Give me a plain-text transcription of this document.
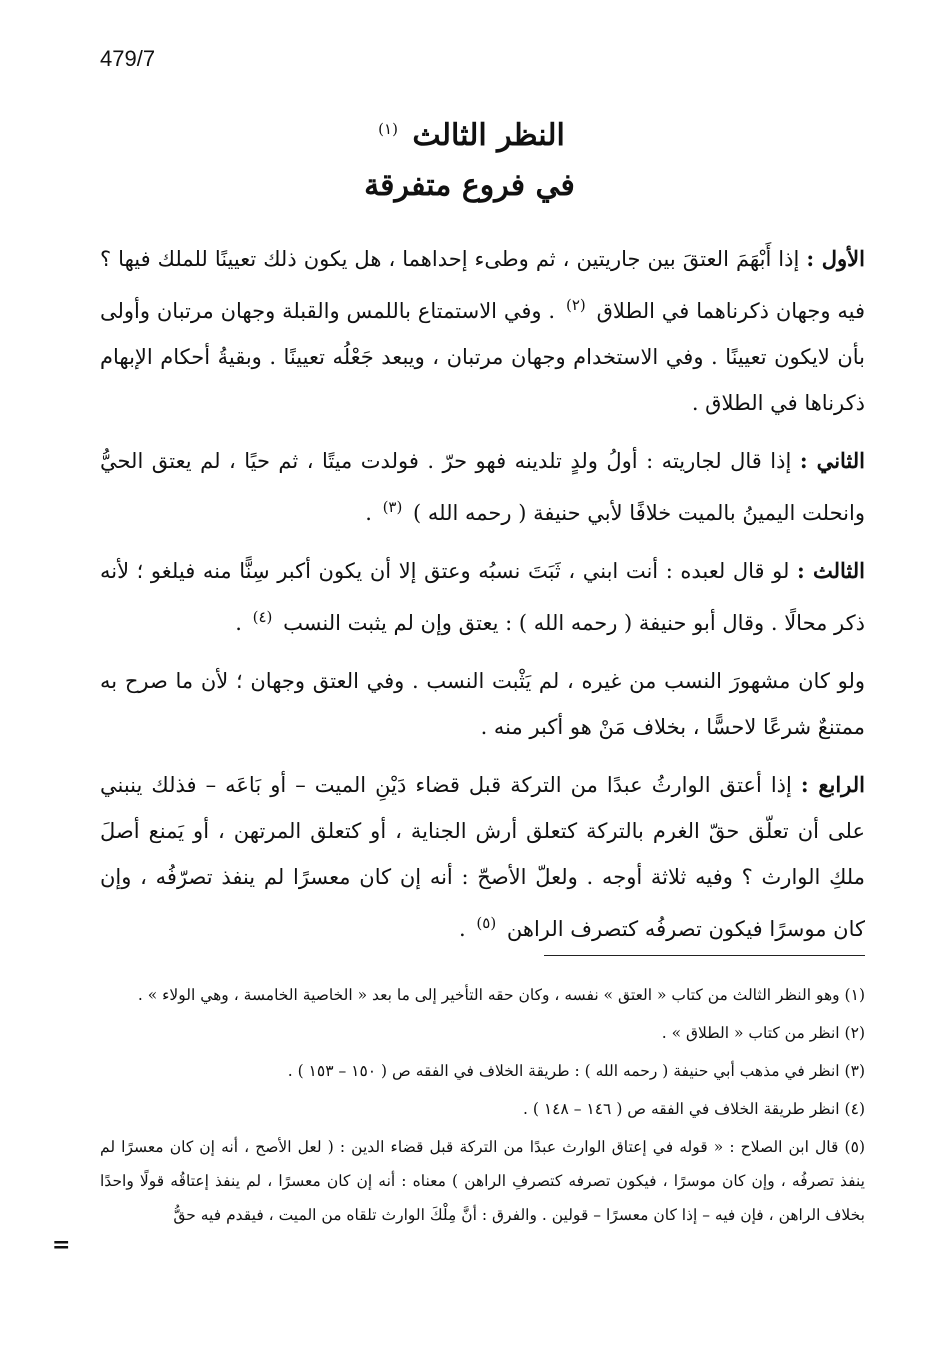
479/7
النظر الثالث $^{(١)}$
في فروع متفرقة

الأول : إذا أَبْهَمَ العتقَ بين جاريتين ، ثم وطىء إحداهما ، هل يكون ذلك تعيينًا للملك فيها ؟ فيه وجهان ذكرناهما في الطلاق $^{(٢)}$ . وفي الاستمتاع باللمس والقبلة وجهان مرتبان وأولى بأن لايكون تعيينًا . وفي الاستخدام وجهان مرتبان ، ويبعد جَعْلُه تعيينًا . وبقيةُ أحكام الإبهام ذكرناها في الطلاق .

الثاني : إذا قال لجاريته : أولُ ولدٍ تلدينه فهو حرّ . فولدت ميتًا ، ثم حيًا ، لم يعتق الحيُّ وانحلت اليمينُ بالميت خلافًا لأبي حنيفة ( رحمه الله ) $^{(٣)}$ .

الثالث : لو قال لعبده : أنت ابني ، ثَبَتَ نسبُه وعتق إلا أن يكون أكبر سِنًّا منه فيلغو ؛ لأنه ذكر محالًا . وقال أبو حنيفة ( رحمه الله ) : يعتق وإن لم يثبت النسب $^{(٤)}$ .

ولو كان مشهورَ النسب من غيره ، لم يَثْبت النسب . وفي العتق وجهان ؛ لأن ما صرح به ممتنعٌ شرعًا لاحسًّا ، بخلاف مَنْ هو أكبر منه .

الرابع : إذا أعتق الوارثُ عبدًا من التركة قبل قضاء دَيْنِ الميت – أو بَاعَه – فذلك ينبني على أن تعلّق حقّ الغرم بالتركة كتعلق أرش الجناية ، أو كتعلق المرتهن ، أو يَمنع أصلَ ملكِ الوارث ؟ وفيه ثلاثة أوجه . ولعلّ الأصحّ : أنه إن كان معسرًا لم ينفذ تصرّفُه ، وإن كان موسرًا فيكون تصرفُه كتصرف الراهن $^{(٥)}$ .

(١) وهو النظر الثالث من كتاب « العتق » نفسه ، وكان حقه التأخير إلى ما بعد « الخاصية الخامسة ، وهي الولاء » .

(٢) انظر من كتاب « الطلاق » .

(٣) انظر في مذهب أبي حنيفة ( رحمه الله ) : طريقة الخلاف في الفقه ص ( ١٥٠ – ١٥٣ ) .

(٤) انظر طريقة الخلاف في الفقه ص ( ١٤٦ – ١٤٨ ) .

(٥) قال ابن الصلاح : « قوله في إعتاق الوارث عبدًا من التركة قبل قضاء الدين : ( لعل الأصح ، أنه إن كان معسرًا لم ينفذ تصرفُه ، وإن كان موسرًا ، فيكون تصرفه كتصرفِ الراهن ) معناه : أنه إن كان معسرًا ، لم ينفذ إعتاقُه قولًا واحدًا بخلاف الراهن ، فإن فيه – إذا كان معسرًا – قولين . والفرق : أنَّ مِلْكَ الوارث تلقاه من الميت ، فيقدم فيه حقُّ

=
